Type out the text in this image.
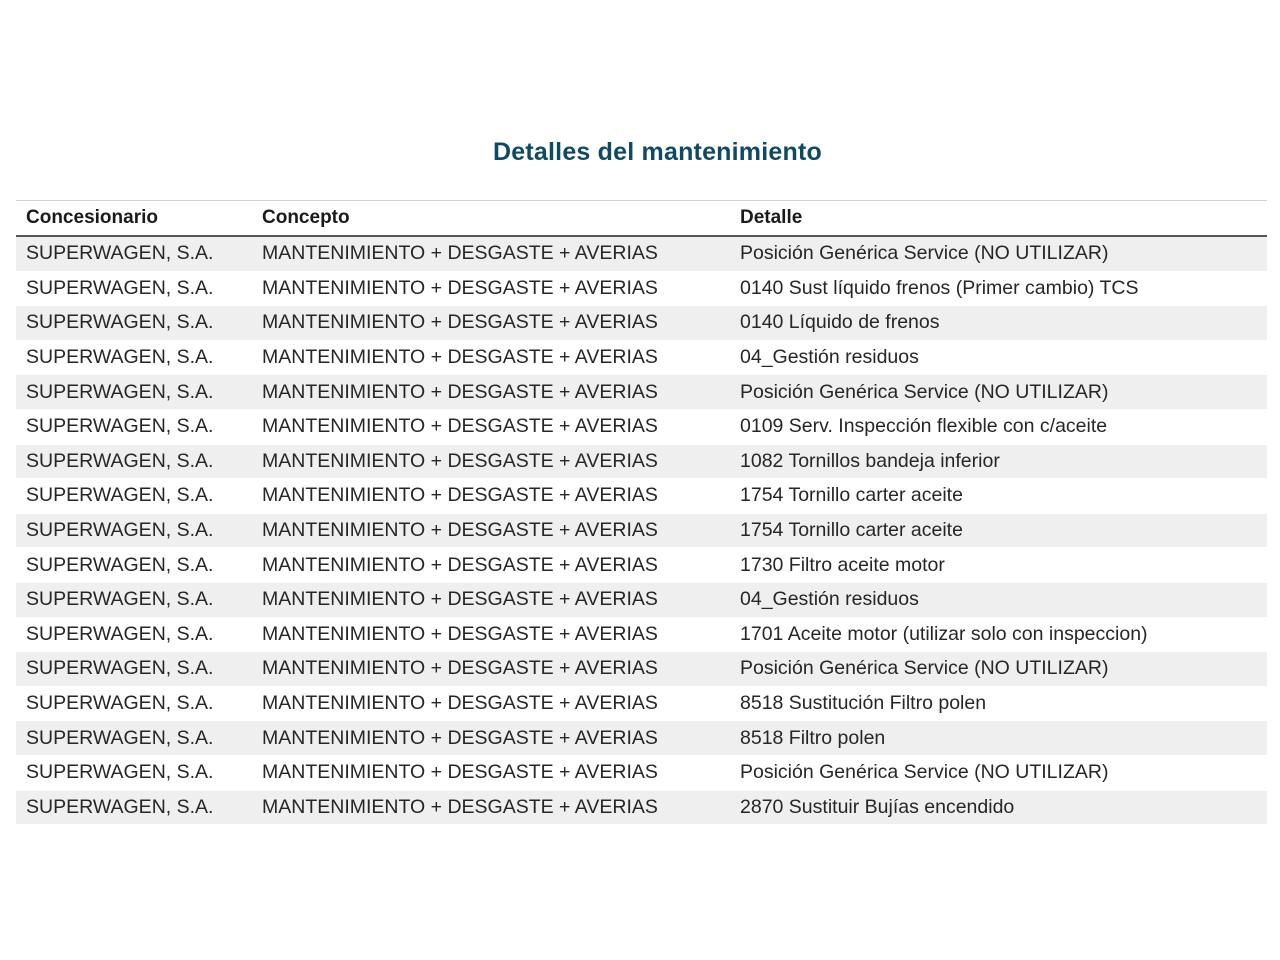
Detalles del mantenimiento
Concesionario	Concepto	Detalle
SUPERWAGEN, S.A.	MANTENIMIENTO + DESGASTE + AVERIAS	Posición Genérica Service (NO UTILIZAR)
SUPERWAGEN, S.A.	MANTENIMIENTO + DESGASTE + AVERIAS	0140 Sust líquido frenos (Primer cambio) TCS
SUPERWAGEN, S.A.	MANTENIMIENTO + DESGASTE + AVERIAS	0140 Líquido de frenos
SUPERWAGEN, S.A.	MANTENIMIENTO + DESGASTE + AVERIAS	04_Gestión residuos
SUPERWAGEN, S.A.	MANTENIMIENTO + DESGASTE + AVERIAS	Posición Genérica Service (NO UTILIZAR)
SUPERWAGEN, S.A.	MANTENIMIENTO + DESGASTE + AVERIAS	0109 Serv. Inspección flexible con c/aceite
SUPERWAGEN, S.A.	MANTENIMIENTO + DESGASTE + AVERIAS	1082 Tornillos bandeja inferior
SUPERWAGEN, S.A.	MANTENIMIENTO + DESGASTE + AVERIAS	1754 Tornillo carter aceite
SUPERWAGEN, S.A.	MANTENIMIENTO + DESGASTE + AVERIAS	1754 Tornillo carter aceite
SUPERWAGEN, S.A.	MANTENIMIENTO + DESGASTE + AVERIAS	1730 Filtro aceite motor
SUPERWAGEN, S.A.	MANTENIMIENTO + DESGASTE + AVERIAS	04_Gestión residuos
SUPERWAGEN, S.A.	MANTENIMIENTO + DESGASTE + AVERIAS	1701 Aceite motor (utilizar solo con inspeccion)
SUPERWAGEN, S.A.	MANTENIMIENTO + DESGASTE + AVERIAS	Posición Genérica Service (NO UTILIZAR)
SUPERWAGEN, S.A.	MANTENIMIENTO + DESGASTE + AVERIAS	8518 Sustitución Filtro polen
SUPERWAGEN, S.A.	MANTENIMIENTO + DESGASTE + AVERIAS	8518 Filtro polen
SUPERWAGEN, S.A.	MANTENIMIENTO + DESGASTE + AVERIAS	Posición Genérica Service (NO UTILIZAR)
SUPERWAGEN, S.A.	MANTENIMIENTO + DESGASTE + AVERIAS	2870 Sustituir Bujías encendido
